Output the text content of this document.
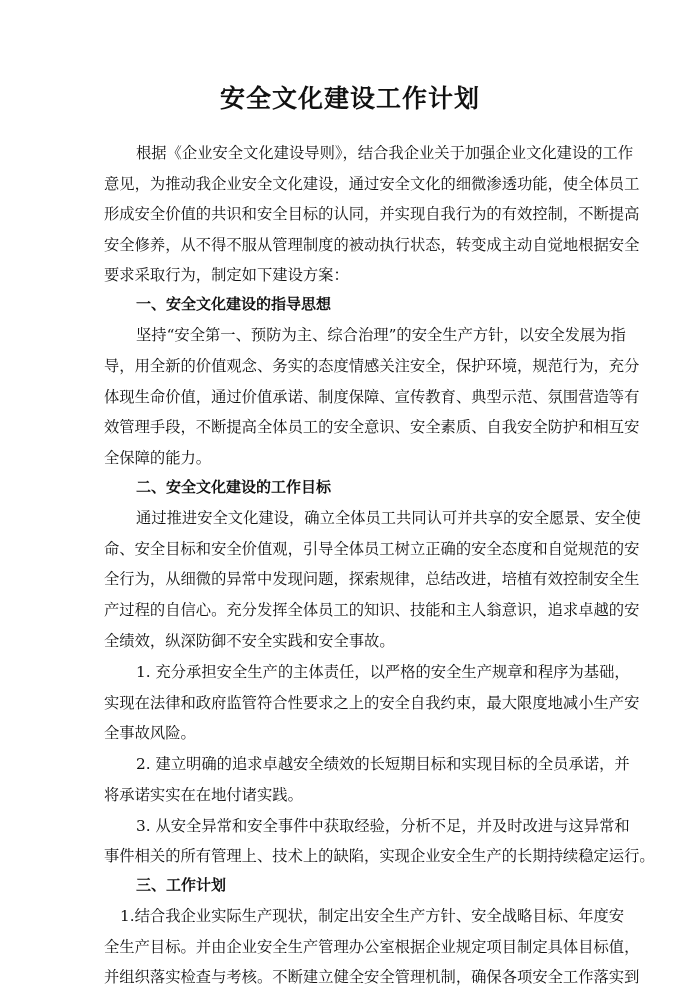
安全文化建设工作计划
根据《企业安全文化建设导则》，结合我企业关于加强企业文化建设的工作
意见，为推动我企业安全文化建设，通过安全文化的细微渗透功能，使全体员工
形成安全价值的共识和安全目标的认同，并实现自我行为的有效控制，不断提高
安全修养，从不得不服从管理制度的被动执行状态，转变成主动自觉地根据安全
要求采取行为，制定如下建设方案：
一、安全文化建设的指导思想
坚持“安全第一、预防为主、综合治理”的安全生产方针，以安全发展为指
导，用全新的价值观念、务实的态度情感关注安全，保护环境，规范行为，充分
体现生命价值，通过价值承诺、制度保障、宣传教育、典型示范、氛围营造等有
效管理手段，不断提高全体员工的安全意识、安全素质、自我安全防护和相互安
全保障的能力。
二、安全文化建设的工作目标
通过推进安全文化建设，确立全体员工共同认可并共享的安全愿景、安全使
命、安全目标和安全价值观，引导全体员工树立正确的安全态度和自觉规范的安
全行为，从细微的异常中发现问题，探索规律，总结改进，培植有效控制安全生
产过程的自信心。充分发挥全体员工的知识、技能和主人翁意识，追求卓越的安
全绩效，纵深防御不安全实践和安全事故。
1. 充分承担安全生产的主体责任，以严格的安全生产规章和程序为基础，
实现在法律和政府监管符合性要求之上的安全自我约束，最大限度地减小生产安
全事故风险。
2. 建立明确的追求卓越安全绩效的长短期目标和实现目标的全员承诺，并
将承诺实实在在地付诸实践。
3. 从安全异常和安全事件中获取经验，分析不足，并及时改进与这异常和
事件相关的所有管理上、技术上的缺陷，实现企业安全生产的长期持续稳定运行。
三、工作计划
1.结合我企业实际生产现状，制定出安全生产方针、安全战略目标、年度安
全生产目标。并由企业安全生产管理办公室根据企业规定项目制定具体目标值，
并组织落实检查与考核。不断建立健全安全管理机制，确保各项安全工作落实到
